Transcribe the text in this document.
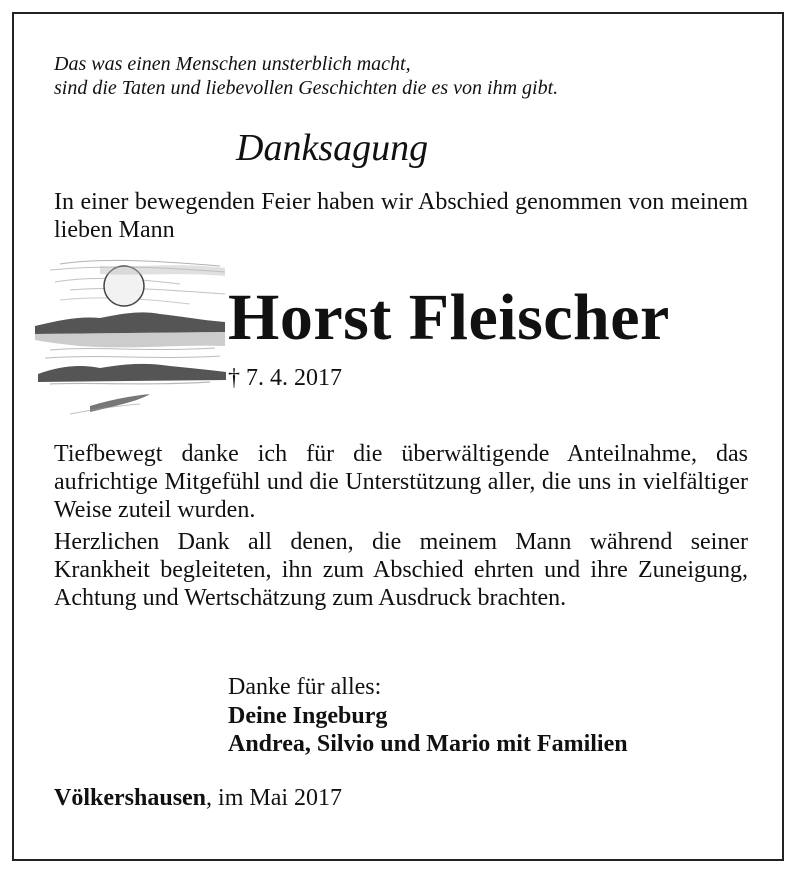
Das was einen Menschen unsterblich macht,
sind die Taten und liebevollen Geschichten die es von ihm gibt.
Danksagung
In einer bewegenden Feier haben wir Abschied genommen von meinem lieben Mann
Horst Fleischer
† 7. 4. 2017
Tiefbewegt danke ich für die überwältigende Anteilnahme, das aufrichtige Mitgefühl und die Unterstützung aller, die uns in vielfältiger Weise zuteil wurden.
Herzlichen Dank all denen, die meinem Mann während seiner Krankheit begleiteten, ihn zum Abschied ehrten und ihre Zuneigung, Achtung und Wertschätzung zum Ausdruck brachten.
Danke für alles:
Deine Ingeburg
Andrea, Silvio und Mario mit Familien
Völkershausen, im Mai 2017
